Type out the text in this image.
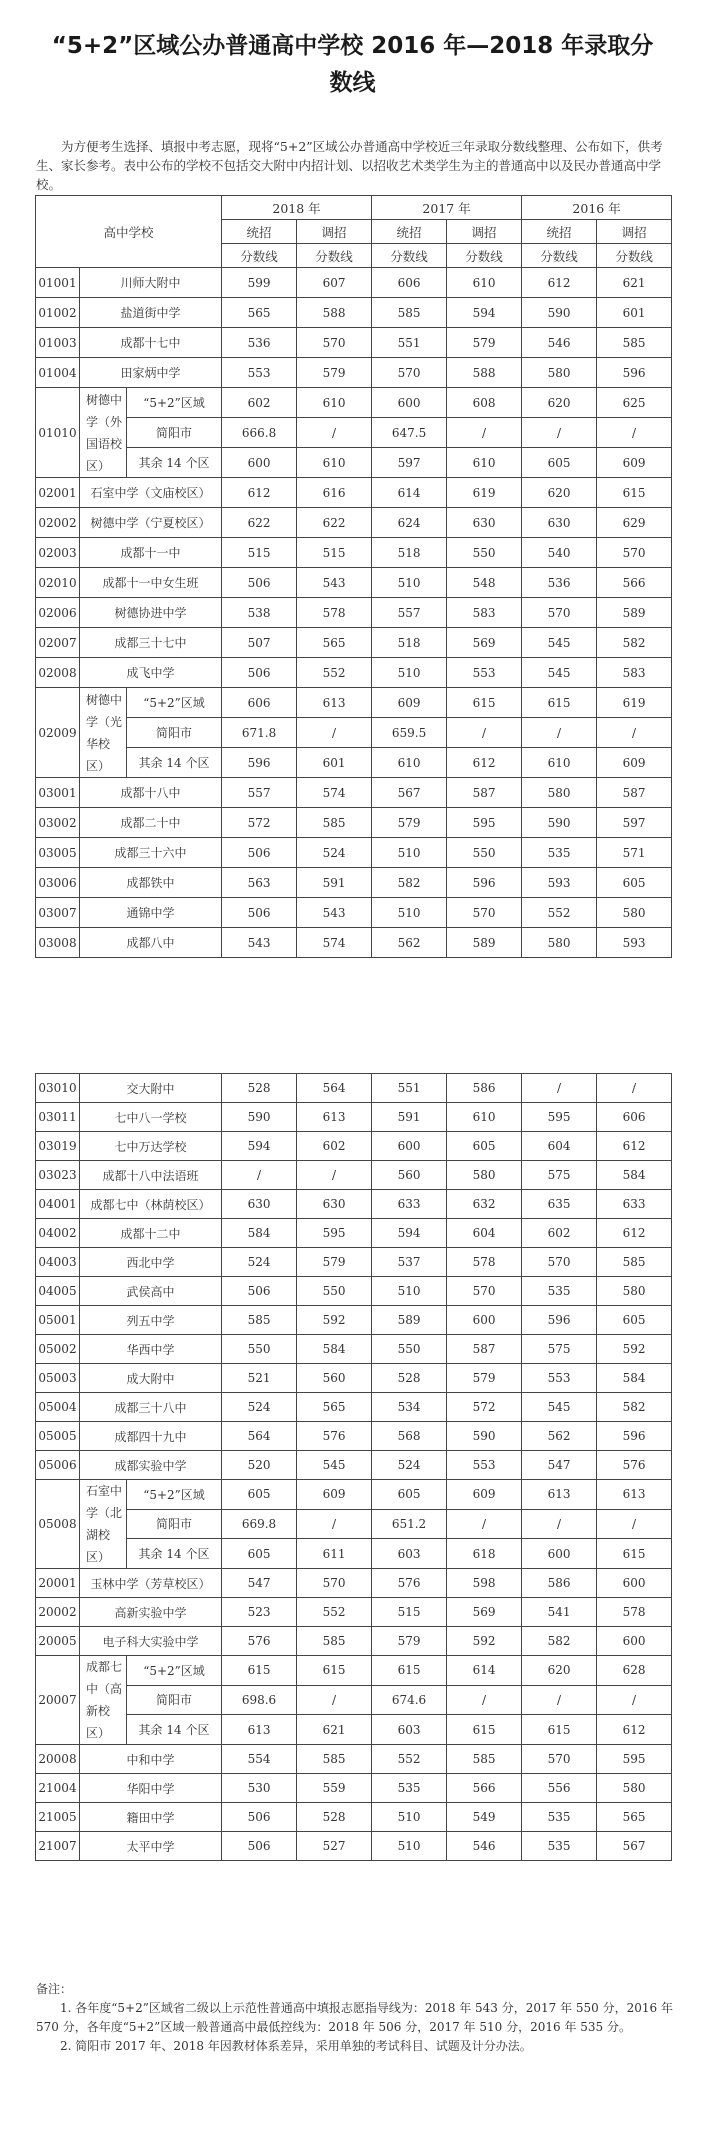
“5+2”区域公办普通高中学校 2016 年—2018 年录取分
数线
为方便考生选择、填报中考志愿，现将“5+2”区域公办普通高中学校近三年录取分数线整理、公布如下，供考生、家长参考。表中公布的学校不包括交大附中内招计划、以招收艺术类学生为主的普通高中以及民办普通高中学校。
高中学校			2018 年		2017 年		2016 年	
			统招	调招	统招	调招	统招	调招
			分数线	分数线	分数线	分数线	分数线	分数线
01001	川师大附中		599	607	606	610	612	621
01002	盐道街中学		565	588	585	594	590	601
01003	成都十七中		536	570	551	579	546	585
01004	田家炳中学		553	579	570	588	580	596
01010	树德中学（外国语校区）	“5+2”区域	602	610	600	608	620	625
		简阳市	666.8	/	647.5	/	/	/
		其余 14 个区	600	610	597	610	605	609
02001	石室中学（文庙校区）		612	616	614	619	620	615
02002	树德中学（宁夏校区）		622	622	624	630	630	629
02003	成都十一中		515	515	518	550	540	570
02010	成都十一中女生班		506	543	510	548	536	566
02006	树德协进中学		538	578	557	583	570	589
02007	成都三十七中		507	565	518	569	545	582
02008	成飞中学		506	552	510	553	545	583
02009	树德中学（光华校区）	“5+2”区域	606	613	609	615	615	619
		简阳市	671.8	/	659.5	/	/	/
		其余 14 个区	596	601	610	612	610	609
03001	成都十八中		557	574	567	587	580	587
03002	成都二十中		572	585	579	595	590	597
03005	成都三十六中		506	524	510	550	535	571
03006	成都铁中		563	591	582	596	593	605
03007	通锦中学		506	543	510	570	552	580
03008	成都八中		543	574	562	589	580	593
03010	交大附中		528	564	551	586	/	/
03011	七中八一学校		590	613	591	610	595	606
03019	七中万达学校		594	602	600	605	604	612
03023	成都十八中法语班		/	/	560	580	575	584
04001	成都七中（林荫校区）		630	630	633	632	635	633
04002	成都十二中		584	595	594	604	602	612
04003	西北中学		524	579	537	578	570	585
04005	武侯高中		506	550	510	570	535	580
05001	列五中学		585	592	589	600	596	605
05002	华西中学		550	584	550	587	575	592
05003	成大附中		521	560	528	579	553	584
05004	成都三十八中		524	565	534	572	545	582
05005	成都四十九中		564	576	568	590	562	596
05006	成都实验中学		520	545	524	553	547	576
05008	石室中学（北湖校区）	“5+2”区域	605	609	605	609	613	613
		简阳市	669.8	/	651.2	/	/	/
		其余 14 个区	605	611	603	618	600	615
20001	玉林中学（芳草校区）		547	570	576	598	586	600
20002	高新实验中学		523	552	515	569	541	578
20005	电子科大实验中学		576	585	579	592	582	600
20007	成都七中（高新校区）	“5+2”区域	615	615	615	614	620	628
		简阳市	698.6	/	674.6	/	/	/
		其余 14 个区	613	621	603	615	615	612
20008	中和中学		554	585	552	585	570	595
21004	华阳中学		530	559	535	566	556	580
21005	籍田中学		506	528	510	549	535	565
21007	太平中学		506	527	510	546	535	567

备注：

1. 各年度“5+2”区域省二级以上示范性普通高中填报志愿指导线为：2018 年 543 分，2017 年 550 分，2016 年 570 分，各年度“5+2”区域一般普通高中最低控线为：2018 年 506 分，2017 年 510 分，2016 年 535 分。

2. 简阳市 2017 年、2018 年因教材体系差异，采用单独的考试科目、试题及计分办法。
